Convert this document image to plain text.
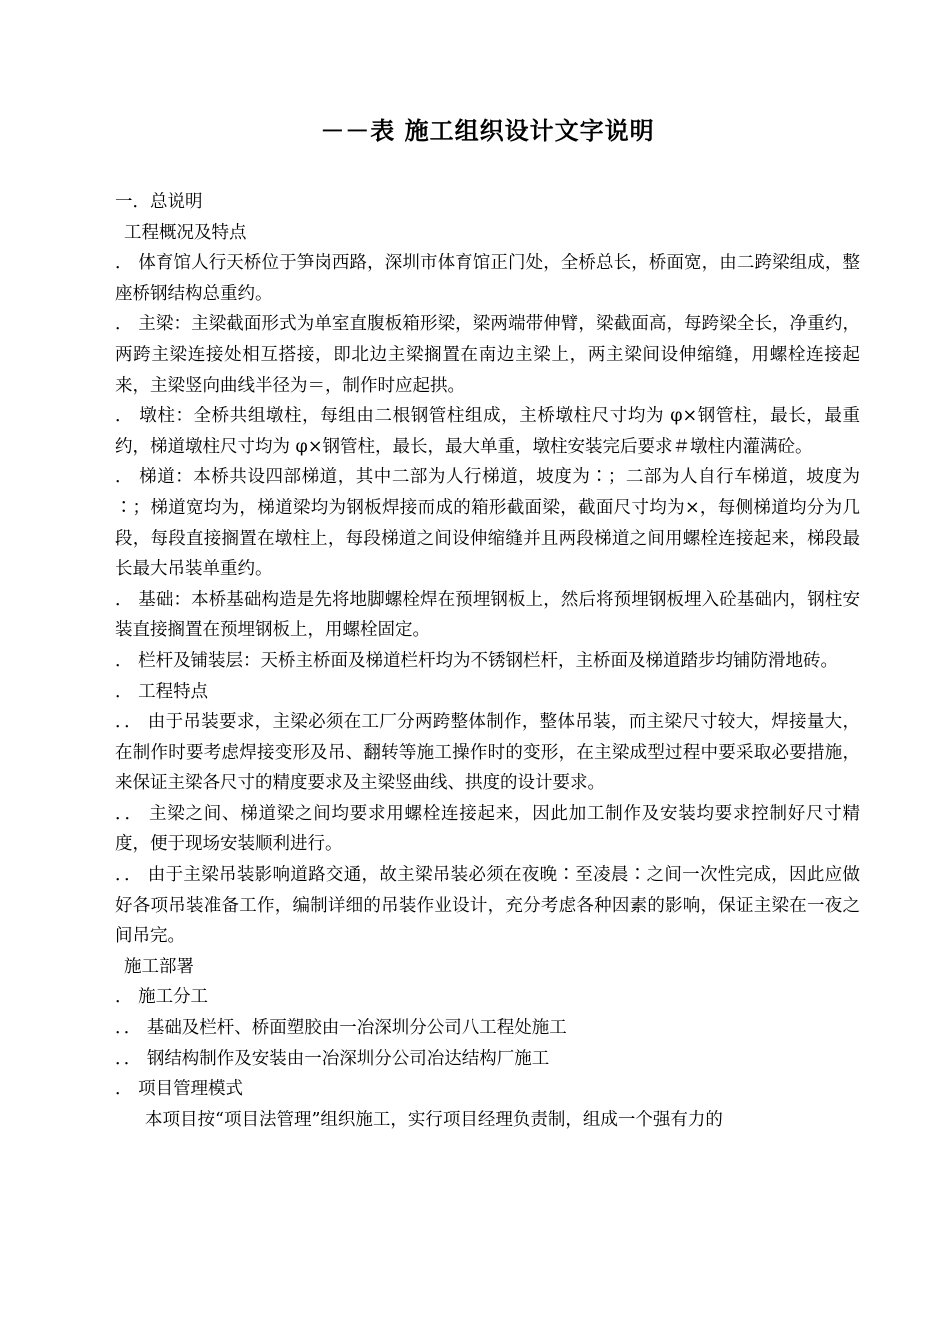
－－表 施工组织设计文字说明

一．总说明

工程概况及特点

． 体育馆人行天桥位于笋岗西路，深圳市体育馆正门处，全桥总长，桥面宽，由二跨梁组成，整座桥钢结构总重约。

． 主梁：主梁截面形式为单室直腹板箱形梁，梁两端带伸臂，梁截面高，每跨梁全长，净重约，两跨主梁连接处相互搭接，即北边主梁搁置在南边主梁上，两主梁间设伸缩缝，用螺栓连接起来，主梁竖向曲线半径为＝，制作时应起拱。

． 墩柱：全桥共组墩柱，每组由二根钢管柱组成，主桥墩柱尺寸均为 φ×钢管柱，最长，最重约，梯道墩柱尺寸均为 φ×钢管柱，最长，最大单重，墩柱安装完后要求＃墩柱内灌满砼。

． 梯道：本桥共设四部梯道，其中二部为人行梯道，坡度为∶；二部为人自行车梯道，坡度为∶；梯道宽均为，梯道梁均为钢板焊接而成的箱形截面梁，截面尺寸均为×，每侧梯道均分为几段，每段直接搁置在墩柱上，每段梯道之间设伸缩缝并且两段梯道之间用螺栓连接起来，梯段最长最大吊装单重约。

． 基础：本桥基础构造是先将地脚螺栓焊在预埋钢板上，然后将预埋钢板埋入砼基础内，钢柱安装直接搁置在预埋钢板上，用螺栓固定。

． 栏杆及铺装层：天桥主桥面及梯道栏杆均为不锈钢栏杆，主桥面及梯道踏步均铺防滑地砖。

． 工程特点

．． 由于吊装要求，主梁必须在工厂分两跨整体制作，整体吊装，而主梁尺寸较大，焊接量大，在制作时要考虑焊接变形及吊、翻转等施工操作时的变形，在主梁成型过程中要采取必要措施，来保证主梁各尺寸的精度要求及主梁竖曲线、拱度的设计要求。

．． 主梁之间、梯道梁之间均要求用螺栓连接起来，因此加工制作及安装均要求控制好尺寸精度，便于现场安装顺利进行。

．． 由于主梁吊装影响道路交通，故主梁吊装必须在夜晚∶至凌晨∶之间一次性完成，因此应做好各项吊装准备工作，编制详细的吊装作业设计，充分考虑各种因素的影响，保证主梁在一夜之间吊完。

施工部署

． 施工分工

．． 基础及栏杆、桥面塑胶由一冶深圳分公司八工程处施工

．． 钢结构制作及安装由一冶深圳分公司冶达结构厂施工

． 项目管理模式

本项目按“项目法管理”组织施工，实行项目经理负责制，组成一个强有力的
